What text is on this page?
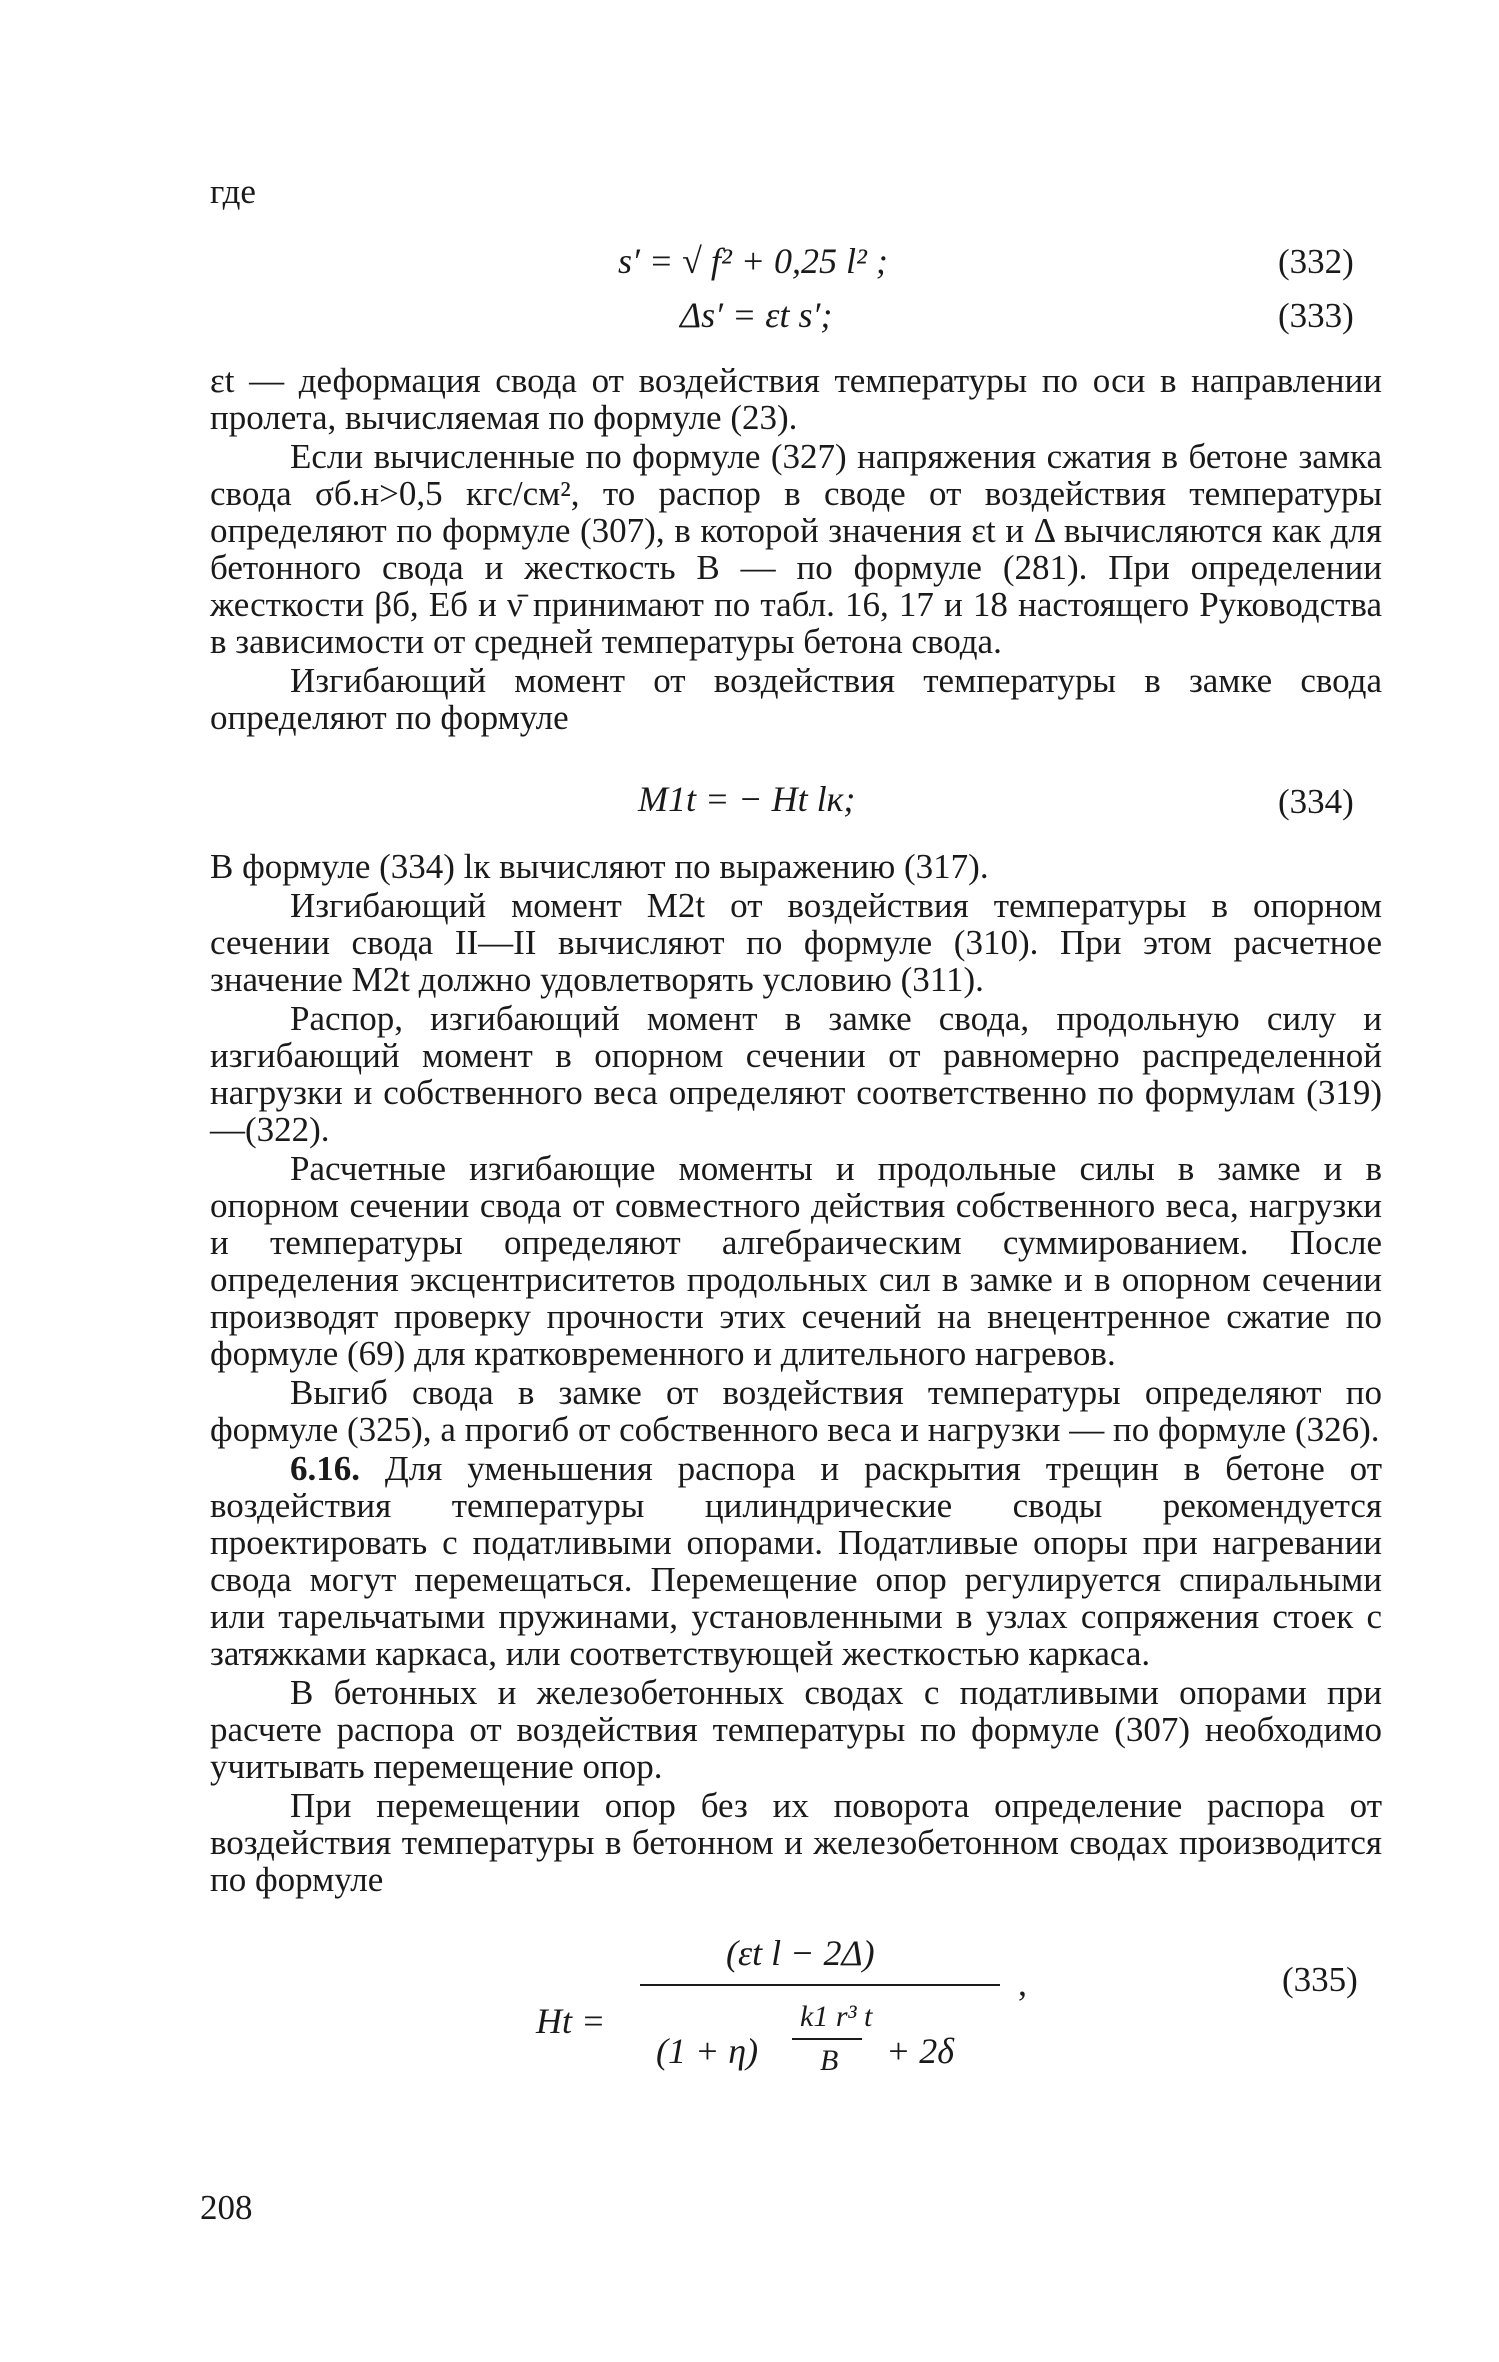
где
s′ = √ f² + 0,25 l² ;	(332)
Δs′ = εt s′;	(333)

εt — деформация свода от воздействия температуры по оси в направлении пролета, вычисляемая по формуле (23).

Если вычисленные по формуле (327) напряжения сжатия в бетоне замка свода σб.н>0,5 кгс/см², то распор в своде от воздействия температуры определяют по формуле (307), в которой значения εt и Δ вычисляются как для бетонного свода и жесткость B — по формуле (281). При определении жесткости βб, Eб и ν̄ принимают по табл. 16, 17 и 18 настоящего Руководства в зависимости от средней температуры бетона свода.

Изгибающий момент от воздействия температуры в замке свода определяют по формуле

M1t = − Ht lк;	(334)

В формуле (334) lк вычисляют по выражению (317).

Изгибающий момент M2t от воздействия температуры в опорном сечении свода II—II вычисляют по формуле (310). При этом расчетное значение M2t должно удовлетворять условию (311).

Распор, изгибающий момент в замке свода, продольную силу и изгибающий момент в опорном сечении от равномерно распределенной нагрузки и собственного веса определяют соответственно по формулам (319)—(322).

Расчетные изгибающие моменты и продольные силы в замке и в опорном сечении свода от совместного действия собственного веса, нагрузки и температуры определяют алгебраическим суммированием. После определения эксцентриситетов продольных сил в замке и в опорном сечении производят проверку прочности этих сечений на внецентренное сжатие по формуле (69) для кратковременного и длительного нагревов.

Выгиб свода в замке от воздействия температуры определяют по формуле (325), а прогиб от собственного веса и нагрузки — по формуле (326).

6.16. Для уменьшения распора и раскрытия трещин в бетоне от воздействия температуры цилиндрические своды рекомендуется проектировать с податливыми опорами. Податливые опоры при нагревании свода могут перемещаться. Перемещение опор регулируется спиральными или тарельчатыми пружинами, установленными в узлах сопряжения стоек с затяжками каркаса, или соответствующей жесткостью каркаса.

В бетонных и железобетонных сводах с податливыми опорами при расчете распора от воздействия температуры по формуле (307) необходимо учитывать перемещение опор.

При перемещении опор без их поворота определение распора от воздействия температуры в бетонном и железобетонном сводах производится по формуле

Ht =
(εt l − 2Δ)
(1 + η)
k1 r³ t
B + 2δ
,	(335)
208
